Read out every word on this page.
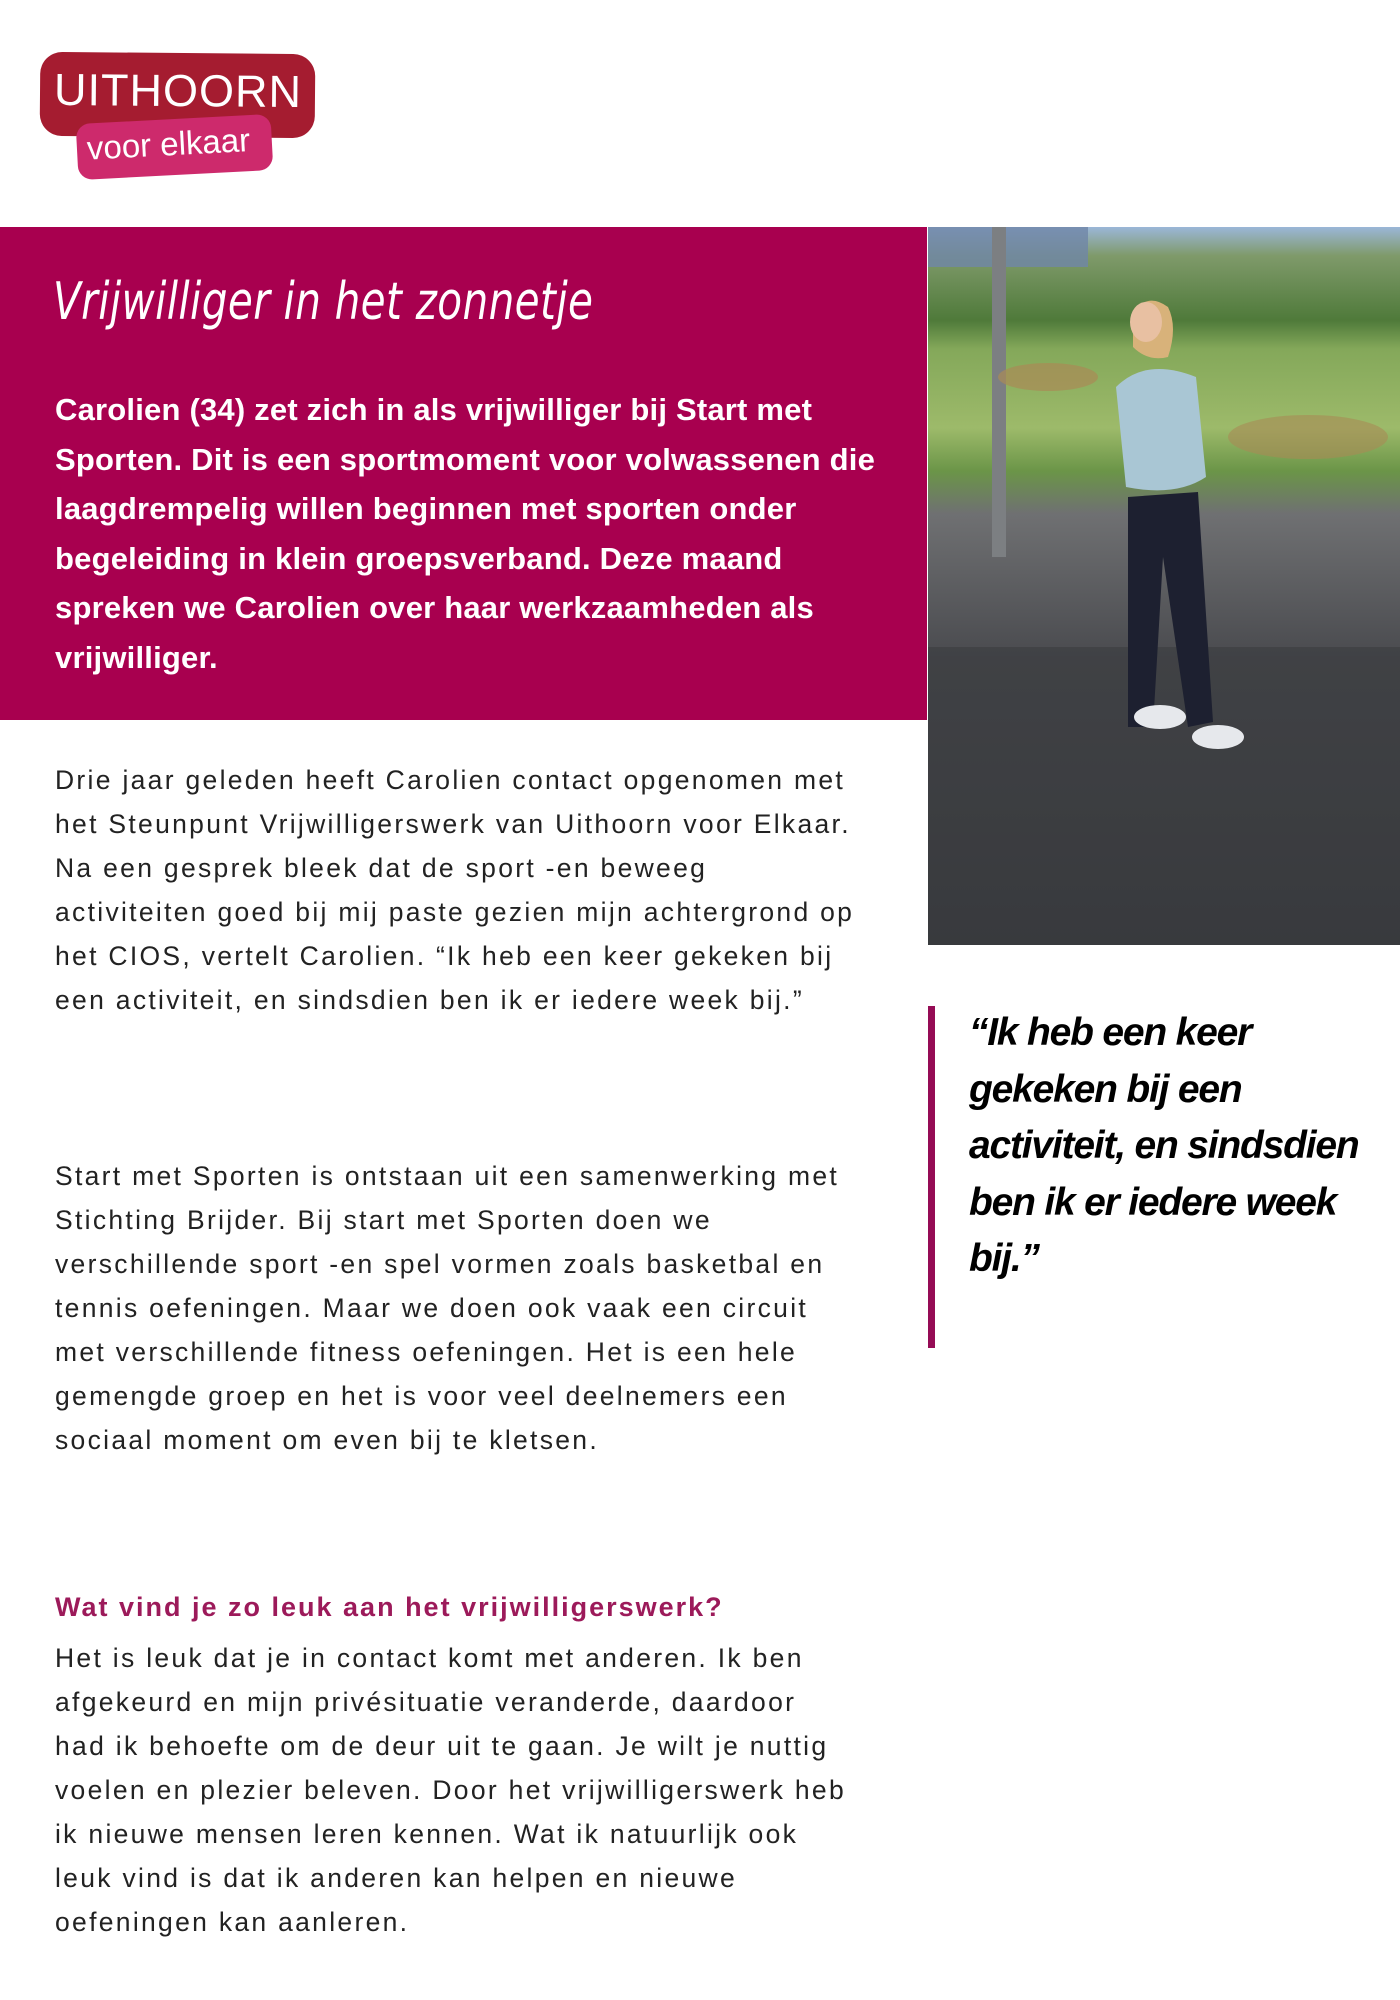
UITHOORN
voor elkaar
Vrijwilliger in het zonnetje
Carolien (34) zet zich in als vrijwilliger bij Start met Sporten. Dit is een sportmoment voor volwassenen die laagdrempelig willen beginnen met sporten onder begeleiding in klein groepsverband. Deze maand spreken we Carolien over haar werkzaamheden als vrijwilliger.
Drie jaar geleden heeft Carolien contact opgenomen met het Steunpunt Vrijwilligerswerk van Uithoorn voor Elkaar. Na een gesprek bleek dat de sport -en beweeg activiteiten goed bij mij paste gezien mijn achtergrond op het CIOS, vertelt Carolien. “Ik heb een keer gekeken bij een activiteit, en sindsdien ben ik er iedere week bij.”
Start met Sporten is ontstaan uit een samenwerking met Stichting Brijder. Bij start met Sporten doen we verschillende sport -en spel vormen zoals basketbal en tennis oefeningen. Maar we doen ook vaak een circuit met verschillende fitness oefeningen. Het is een hele gemengde groep en het is voor veel deelnemers een sociaal moment om even bij te kletsen.
Wat vind je zo leuk aan het vrijwilligerswerk?
Het is leuk dat je in contact komt met anderen. Ik ben afgekeurd en mijn privésituatie veranderde, daardoor had ik behoefte om de deur uit te gaan. Je wilt je nuttig voelen en plezier beleven. Door het vrijwilligerswerk heb ik nieuwe mensen leren kennen. Wat ik natuurlijk ook leuk vind is dat ik anderen kan helpen en nieuwe oefeningen kan aanleren.
“Ik heb een keer gekeken bij een activiteit, en sindsdien ben ik er iedere week bij.”
